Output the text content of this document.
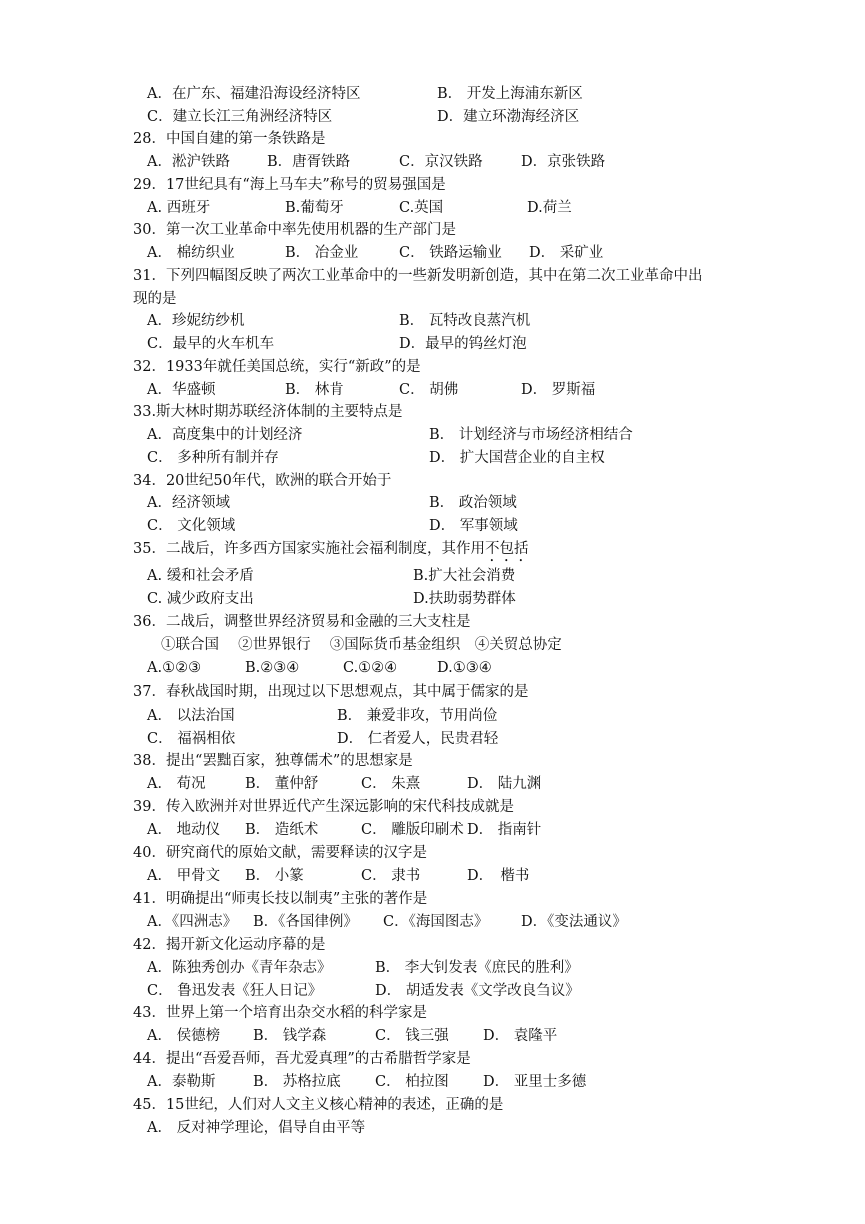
A．在广东、福建沿海设经济特区	B． 开发上海浦东新区
C．建立长江三角洲经济特区	D．建立环渤海经济区
28．中国自建的第一条铁路是
A．淞沪铁路	B．唐胥铁路	C．京汉铁路	D．京张铁路
29．17世纪具有“海上马车夫”称号的贸易强国是
A. 西班牙	B.葡萄牙	C.英国	D.荷兰
30．第一次工业革命中率先使用机器的生产部门是
A． 棉纺织业	B． 冶金业	C． 铁路运输业 D． 采矿业
31．下列四幅图反映了两次工业革命中的一些新发明新创造，其中在第二次工业革命中出
现的是
A．珍妮纺纱机	B． 瓦特改良蒸汽机
C．最早的火车机车	D．最早的钨丝灯泡
32．1933年就任美国总统，实行“新政”的是
A．华盛顿	B． 林肯	C． 胡佛	D． 罗斯福
33.斯大林时期苏联经济体制的主要特点是
A．高度集中的计划经济	B． 计划经济与市场经济相结合
C． 多种所有制并存	D． 扩大国营企业的自主权
34．20世纪50年代，欧洲的联合开始于
A．经济领域	B． 政治领域
C． 文化领域	D． 军事领域
35．二战后，许多西方国家实施社会福利制度，其作用不包括
A. 缓和社会矛盾	B.扩大社会消费
C. 减少政府支出	D.扶助弱势群体
36．二战后，调整世界经济贸易和金融的三大支柱是
①联合国　 ②世界银行　 ③国际货币基金组织　④关贸总协定
A.①②③	B.②③④	C.①②④	D.①③④
37．春秋战国时期，出现过以下思想观点，其中属于儒家的是
A． 以法治国	B． 兼爱非攻，节用尚俭
C． 福祸相依	D． 仁者爱人，民贵君轻
38．提出“罢黜百家，独尊儒术”的思想家是
A． 荀况	B． 董仲舒	C． 朱熹	D． 陆九渊
39．传入欧洲并对世界近代产生深远影响的宋代科技成就是
A． 地动仪 B． 造纸术	C． 雕版印刷术 D． 指南针
40．研究商代的原始文献，需要释读的汉字是
A． 甲骨文 B． 小篆	C． 隶书	D．　楷书
41．明确提出“师夷长技以制夷”主张的著作是
A．《四洲志》 B．《各国律例》 C．《海国图志》 D．《变法通议》
42．揭开新文化运动序幕的是
A．陈独秀创办《青年杂志》	B． 李大钊发表《庶民的胜利》
C． 鲁迅发表《狂人日记》	D． 胡适发表《文学改良刍议》
43．世界上第一个培育出杂交水稻的科学家是
A． 侯德榜 B． 钱学森	C． 钱三强 D． 袁隆平
44．提出“吾爱吾师，吾尤爱真理”的古希腊哲学家是
A．泰勒斯	B． 苏格拉底 C． 柏拉图 D． 亚里士多德
45．15世纪，人们对人文主义核心精神的表述，正确的是
A． 反对神学理论，倡导自由平等
